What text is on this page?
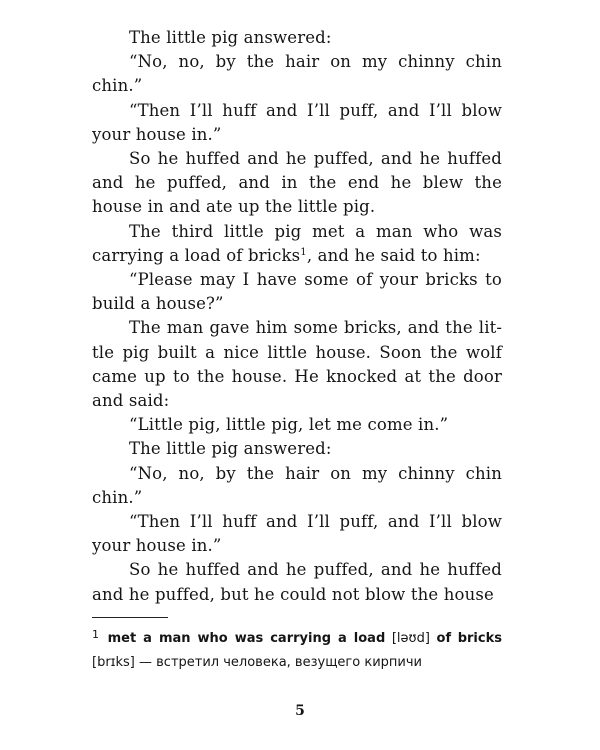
The little pig answered:

“No, no, by the hair on my chinny chin chin.”

“Then I’ll huff and I’ll puff, and I’ll blow your house in.”

So he huffed and he puffed, and he huffed and he puffed, and in the end he blew the house in and ate up the little pig.

The third little pig met a man who was carrying a load of bricks$^1$, and he said to him:

“Please may I have some of your bricks to build a house?”

The man gave him some bricks, and the little pig built a nice little house. Soon the wolf came up to the house. He knocked at the door and said:

“Little pig, little pig, let me come in.”

The little pig answered:

“No, no, by the hair on my chinny chin chin.”

“Then I’ll huff and I’ll puff, and I’ll blow your house in.”

So he huffed and he puffed, and he huffed and he puffed, but he could not blow the house

$^1$ met a man who was carrying a load [ləʊd] of bricks [brɪks] — встретил человека, везущего кирпичи

5
